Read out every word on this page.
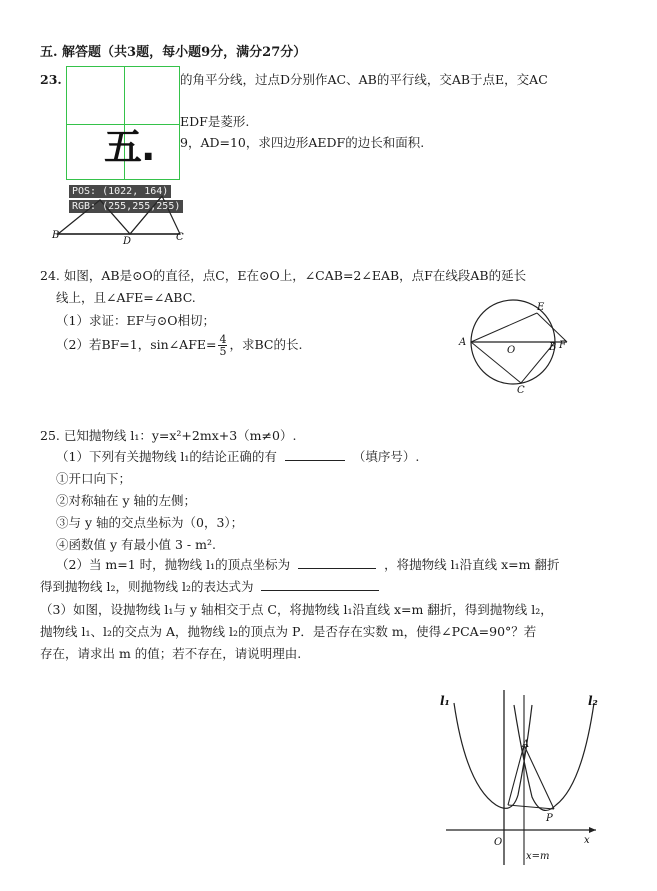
五. 解答题（共3题，每小题9分，满分27分）
23.	的角平分线，过点D分别作AC、AB的平行线，交AB于点E，交AC
EDF是菱形.
9，AD=10，求四边形AEDF的边长和面积.
B
D	C
五.
POS: (1022, 164)
RGB: (255,255,255)
24. 如图，AB是⊙O的直径，点C，E在⊙O上，∠CAB=2∠EAB，点F在线段AB的延长
线上，且∠AFE=∠ABC.
（1）求证：EF与⊙O相切；
（2）若BF=1，sin∠AFE= $\frac{4}{5}$ ，求BC的长.	A
O	B F
E
C
25. 已知抛物线 l₁：y=x²+2mx+3（m≠0）.
（1）下列有关抛物线 l₁的结论正确的有	（填序号）.
①开口向下；
②对称轴在 y 轴的左侧；
③与 y 轴的交点坐标为（0，3）；
④函数值 y 有最小值 3 - m².
（2）当 m=1 时，抛物线 l₁的顶点坐标为	，将抛物线 l₁沿直线 x=m 翻折
得到抛物线 l₂，则抛物线 l₂的表达式为
（3）如图，设抛物线 l₁与 y 轴相交于点 C，将抛物线 l₁沿直线 x=m 翻折，得到抛物线 l₂，
抛物线 l₁、l₂的交点为 A，抛物线 l₂的顶点为 P．是否存在实数 m，使得∠PCA=90°？若
存在，请求出 m 的值；若不存在，请说明理由.
l₁	l₂
A
P
O	x
x=m
